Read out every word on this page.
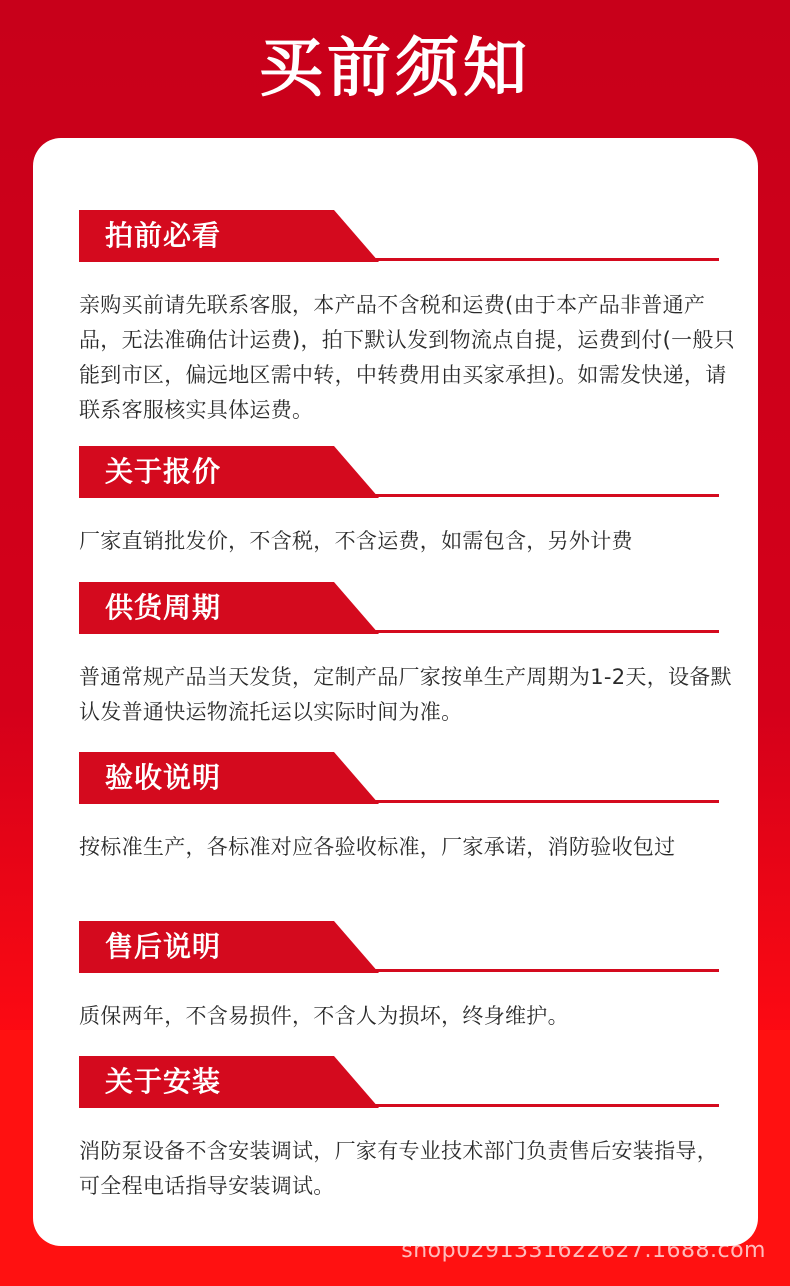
买前须知
拍前必看
亲购买前请先联系客服，本产品不含税和运费(由于本产品非普通产品，无法准确估计运费)，拍下默认发到物流点自提，运费到付(一般只能到市区，偏远地区需中转，中转费用由买家承担)。如需发快递，请联系客服核实具体运费。
关于报价
厂家直销批发价，不含税，不含运费，如需包含，另外计费
供货周期
普通常规产品当天发货，定制产品厂家按单生产周期为1-2天，设备默认发普通快运物流托运以实际时间为准。
验收说明
按标准生产，各标准对应各验收标准，厂家承诺，消防验收包过
售后说明
质保两年，不含易损件，不含人为损坏，终身维护。
关于安装
消防泵设备不含安装调试，厂家有专业技术部门负责售后安装指导，可全程电话指导安装调试。
shop0291331622627.1688.com
